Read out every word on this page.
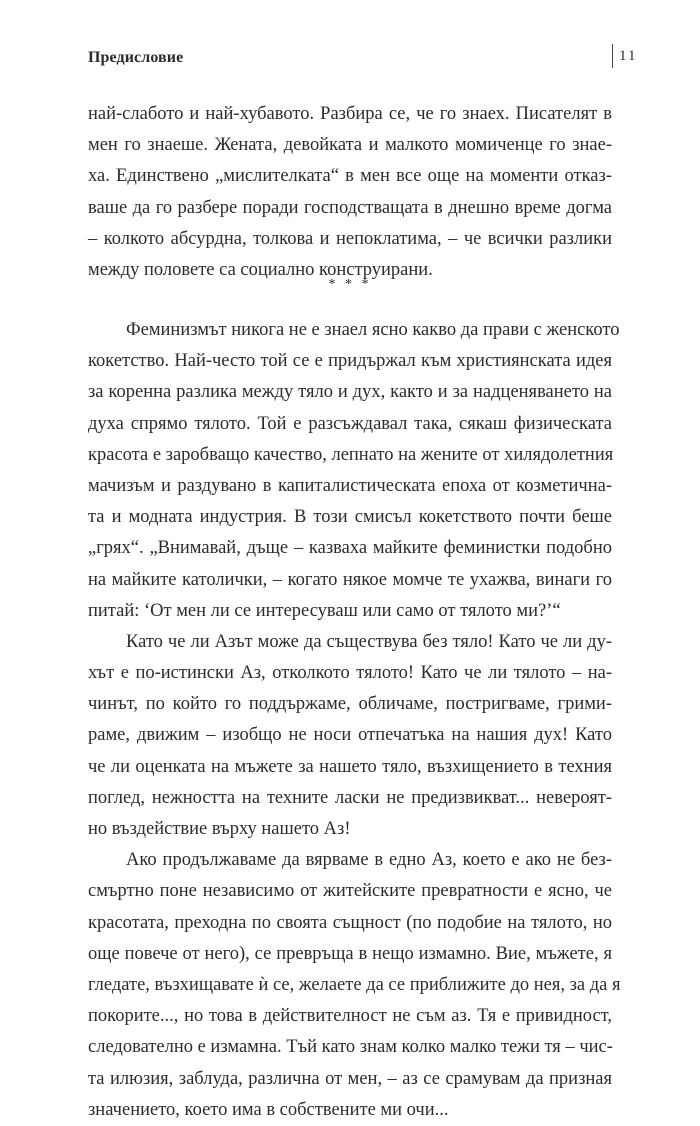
Предисловие	11
най-слабото и най-хубавото. Разбира се, че го знаех. Писателят в
мен го знаеше. Жената, девойката и малкото момиченце го знае-
ха. Единствено „мислителката“ в мен все още на моменти отказ-
ваше да го разбере поради господстващата в днешно време догма
– колкото абсурдна, толкова и непоклатима, – че всички разлики
между половете са социално конструирани.
* * *
Феминизмът никога не е знаел ясно какво да прави с женското
кокетство. Най-често той се е придържал към християнската идея
за коренна разлика между тяло и дух, както и за надценяването на
духа спрямо тялото. Той е разсъждавал така, сякаш физическата
красота е заробващо качество, лепнато на жените от хилядолетния
мачизъм и раздувано в капиталистическата епоха от козметична-
та и модната индустрия. В този смисъл кокетството почти беше
„грях“. „Внимавай, дъще – казваха майките феминистки подобно
на майките католички, – когато някое момче те ухажва, винаги го
питай: ‘От мен ли се интересуваш или само от тялото ми?’“
Като че ли Азът може да съществува без тяло! Като че ли ду-
хът е по-истински Аз, отколкото тялото! Като че ли тялото – на-
чинът, по който го поддържаме, обличаме, постригваме, грими-
раме, движим – изобщо не носи отпечатъка на нашия дух! Като
че ли оценката на мъжете за нашето тяло, възхищението в техния
поглед, нежността на техните ласки не предизвикват... невероят-
но въздействие върху нашето Аз!
Ако продължаваме да вярваме в едно Аз, което е ако не без-
смъртно поне независимо от житейските превратности е ясно, че
красотата, преходна по своята същност (по подобие на тялото, но
още повече от него), се превръща в нещо измамно. Вие, мъжете, я
гледате, възхищавате ѝ се, желаете да се приближите до нея, за да я
покорите..., но това в действителност не съм аз. Тя е привидност,
следователно е измамна. Тъй като знам колко малко тежи тя – чис-
та илюзия, заблуда, различна от мен, – аз се срамувам да призная
значението, което има в собствените ми очи...
